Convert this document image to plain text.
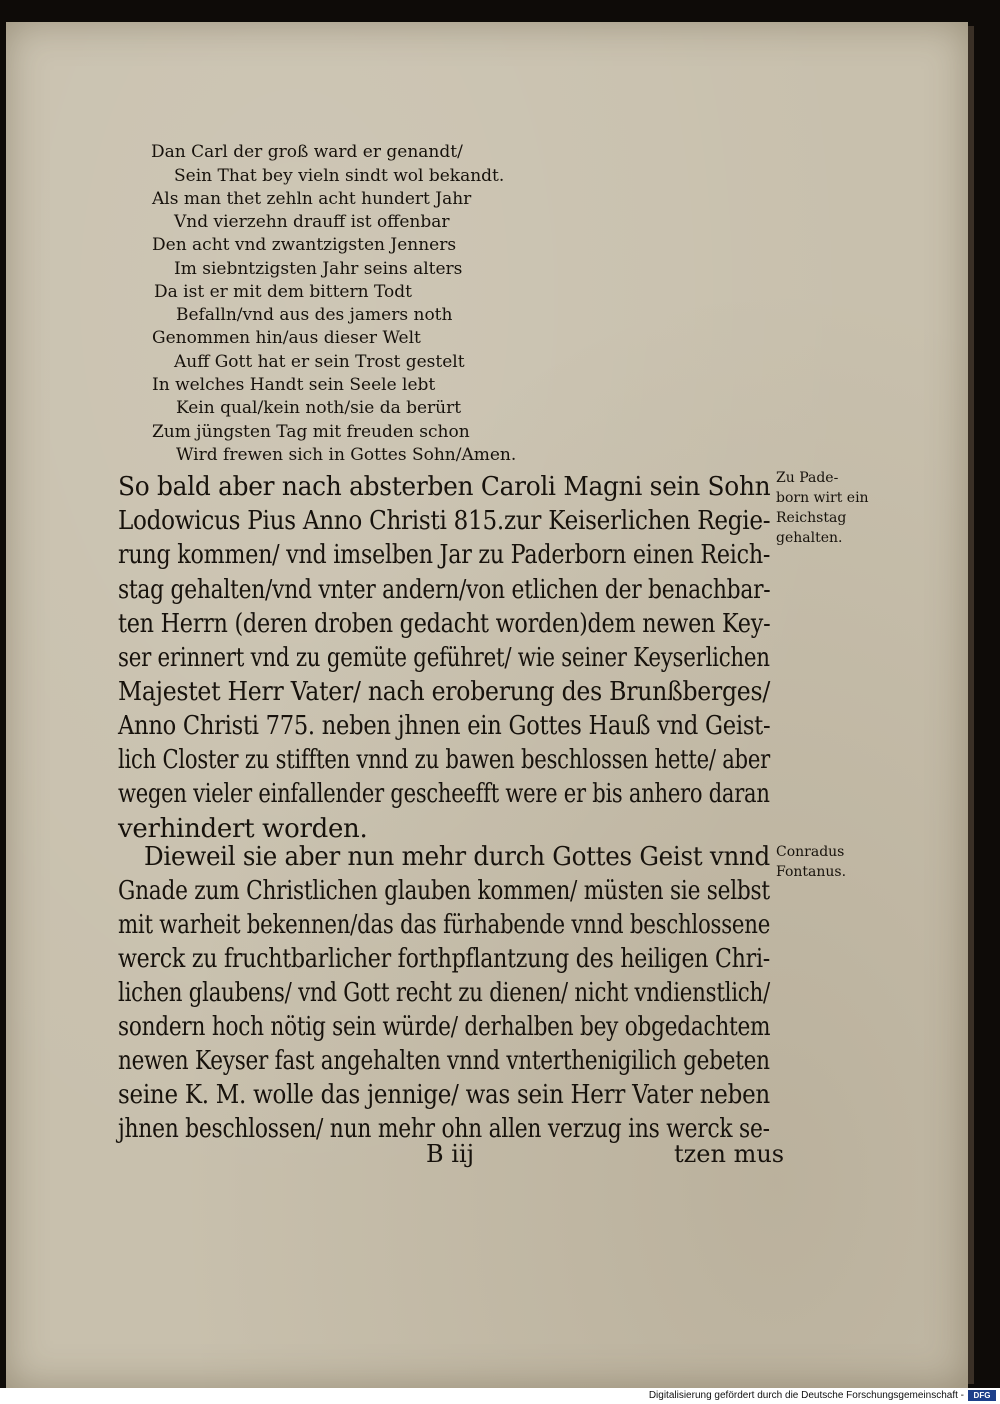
Dan Carl der groß ward er genandt/

Sein That bey vieln sindt wol bekandt.

Als man thet zehln acht hundert Jahr

Vnd vierzehn drauff ist offenbar

Den acht vnd zwantzigsten Jenners

Im siebntzigsten Jahr seins alters

Da ist er mit dem bittern Todt

Befalln/vnd aus des jamers noth

Genommen hin/aus dieser Welt

Auff Gott hat er sein Trost gestelt

In welches Handt sein Seele lebt

Kein qual/kein noth/sie da berürt

Zum jüngsten Tag mit freuden schon

Wird frewen sich in Gottes Sohn/Amen.

So bald aber nach absterben Caroli Magni sein Sohn

Lodowicus Pius Anno Christi 815.zur Keiserlichen Regie-

rung kommen/ vnd imselben Jar zu Paderborn einen Reich-

stag gehalten/vnd vnter andern/von etlichen der benachbar-

ten Herrn (deren droben gedacht worden)dem newen Key-

ser erinnert vnd zu gemüte geführet/ wie seiner Keyserlichen

Majestet Herr Vater/ nach eroberung des Brunßberges/

Anno Christi 775. neben jhnen ein Gottes Hauß vnd Geist-

lich Closter zu stifften vnnd zu bawen beschlossen hette/ aber

wegen vieler einfallender gescheefft were er bis anhero daran

verhindert worden.

Dieweil sie aber nun mehr durch Gottes Geist vnnd

Gnade zum Christlichen glauben kommen/ müsten sie selbst

mit warheit bekennen/das das fürhabende vnnd beschlossene

werck zu fruchtbarlicher forthpflantzung des heiligen Chri-

lichen glaubens/ vnd Gott recht zu dienen/ nicht vndienstlich/

sondern hoch nötig sein würde/ derhalben bey obgedachtem

newen Keyser fast angehalten vnnd vnterthenigilich gebeten

seine K. M. wolle das jennige/ was sein Herr Vater neben

jhnen beschlossen/ nun mehr ohn allen verzug ins werck se-

Zu Pade-
born wirt ein
Reichstag
gehalten.
Conradus
Fontanus.
B iij	tzen mus
Digitalisierung gefördert durch die Deutsche Forschungsgemeinschaft -	DFG
